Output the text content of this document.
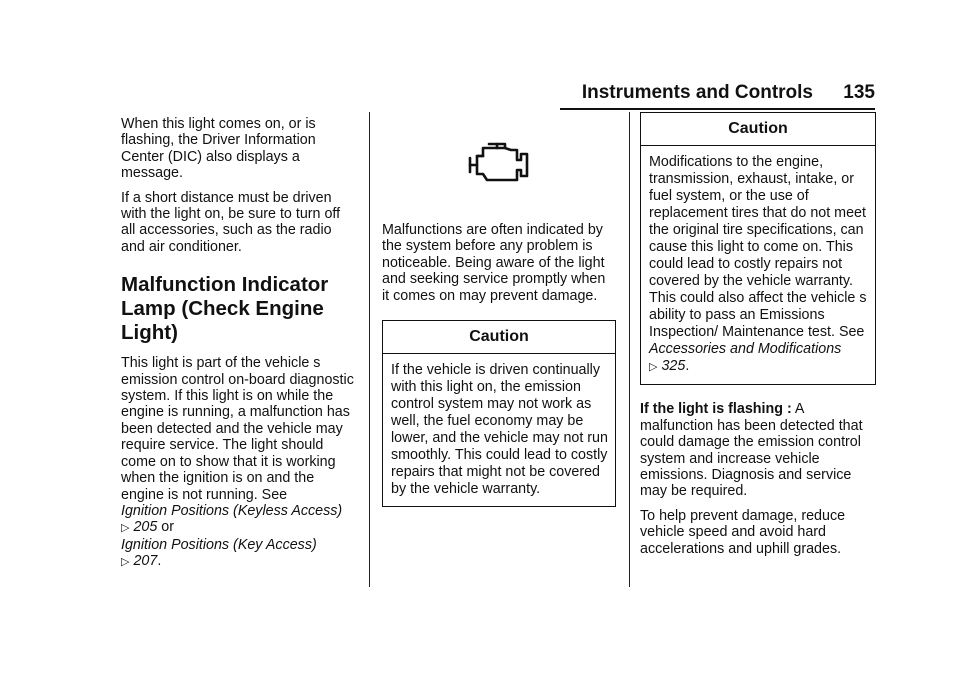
Instruments and Controls 135

When this light comes on, or is flashing, the Driver Information Center (DIC) also displays a message.

If a short distance must be driven with the light on, be sure to turn off all accessories, such as the radio and air conditioner.

Malfunction Indicator Lamp (Check Engine Light)

This light is part of the vehicle s emission control on-board diagnostic system. If this light is on while the engine is running, a malfunction has been detected and the vehicle may require service. The light should come on to show that it is working when the ignition is on and the engine is not running. See
Ignition Positions (Keyless Access)
▷ 205 or
Ignition Positions (Key Access)
▷ 207.

Malfunctions are often indicated by the system before any problem is noticeable. Being aware of the light and seeking service promptly when it comes on may prevent damage.

Caution
If the vehicle is driven continually with this light on, the emission control system may not work as well, the fuel economy may be lower, and the vehicle may not run smoothly. This could lead to costly repairs that might not be covered by the vehicle warranty.
Caution
Modifications to the engine, transmission, exhaust, intake, or fuel system, or the use of replacement tires that do not meet the original tire specifications, can cause this light to come on. This could lead to costly repairs not covered by the vehicle warranty. This could also affect the vehicle s ability to pass an Emissions Inspection/ Maintenance test. See
Accessories and Modifications
▷ 325.

If the light is flashing : A malfunction has been detected that could damage the emission control system and increase vehicle emissions. Diagnosis and service may be required.

To help prevent damage, reduce vehicle speed and avoid hard accelerations and uphill grades.
